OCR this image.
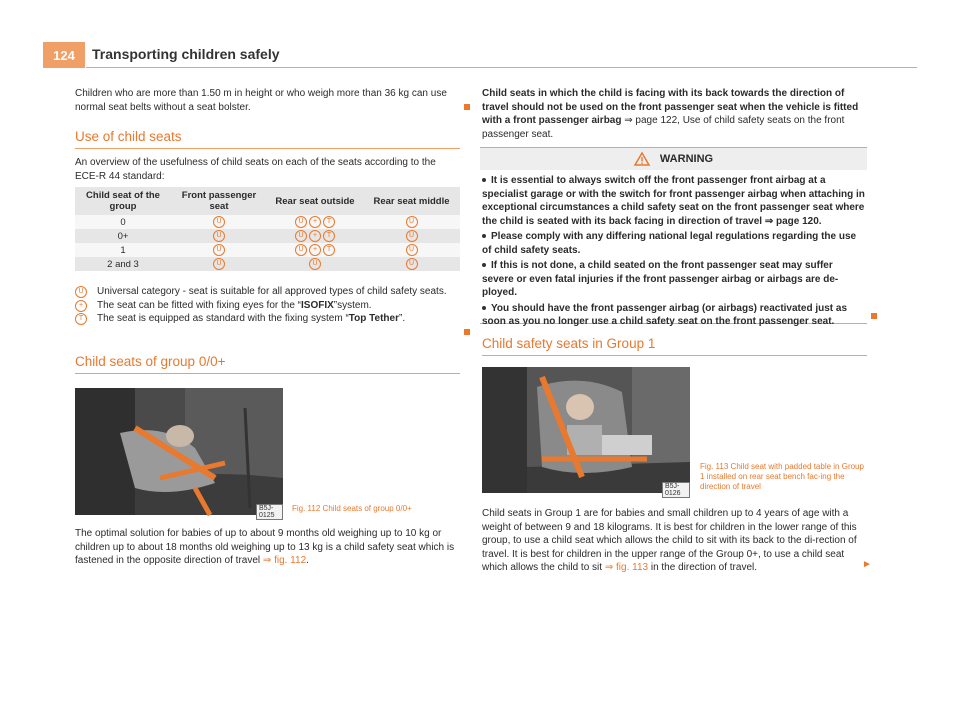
124	Transporting children safely
Children who are more than 1.50 m in height or who weigh more than 36 kg can use normal seat belts without a seat bolster.
Use of child seats
An overview of the usefulness of child seats on each of the seats according to the ECE-R 44 standard:
Child seat of the group	Front passenger seat	Rear seat outside	Rear seat middle
0	U	U + T	U
0+	U	U + T	U
1	U	U + T	U
2 and 3	U	U	U
U	Universal category - seat is suitable for all approved types of child safety seats.
+	The seat can be fitted with fixing eyes for the “ISOFIX”system.
T	The seat is equipped as standard with the fixing system “Top Tether”.
Child seats of group 0/0+
B5J-0125
Fig. 112 Child seats of group 0/0+
The optimal solution for babies of up to about 9 months old weighing up to 10 kg or children up to about 18 months old weighing up to 13 kg is a child safety seat which is fastened in the opposite direction of travel ⇒ fig. 112.
Child seats in which the child is facing with its back towards the direction of travel should not be used on the front passenger seat when the vehicle is fitted with a front passenger airbag ⇒ page 122, Use of child safety seats on the front passenger seat.
WARNING
It is essential to always switch off the front passenger front airbag at a specialist garage or with the switch for front passenger airbag when attaching in exceptional circumstances a child safety seat on the front passenger seat where the child is seated with its back facing in direction of travel ⇒ page 120.
Please comply with any differing national legal regulations regarding the use of child safety seats.
If this is not done, a child seated on the front passenger seat may suffer severe or even fatal injuries if the front passenger airbag or airbags are de-ployed.
You should have the front passenger airbag (or airbags) reactivated just as soon as you no longer use a child safety seat on the front passenger seat.
Child safety seats in Group 1
B5J-0126
Fig. 113 Child seat with padded table in Group 1 installed on rear seat bench fac-ing the direction of travel
Child seats in Group 1 are for babies and small children up to 4 years of age with a weight of between 9 and 18 kilograms. It is best for children in the lower range of this group, to use a child seat which allows the child to sit with its back to the di-rection of travel. It is best for children in the upper range of the Group 0+, to use a child seat which allows the child to sit ⇒ fig. 113 in the direction of travel.	►
